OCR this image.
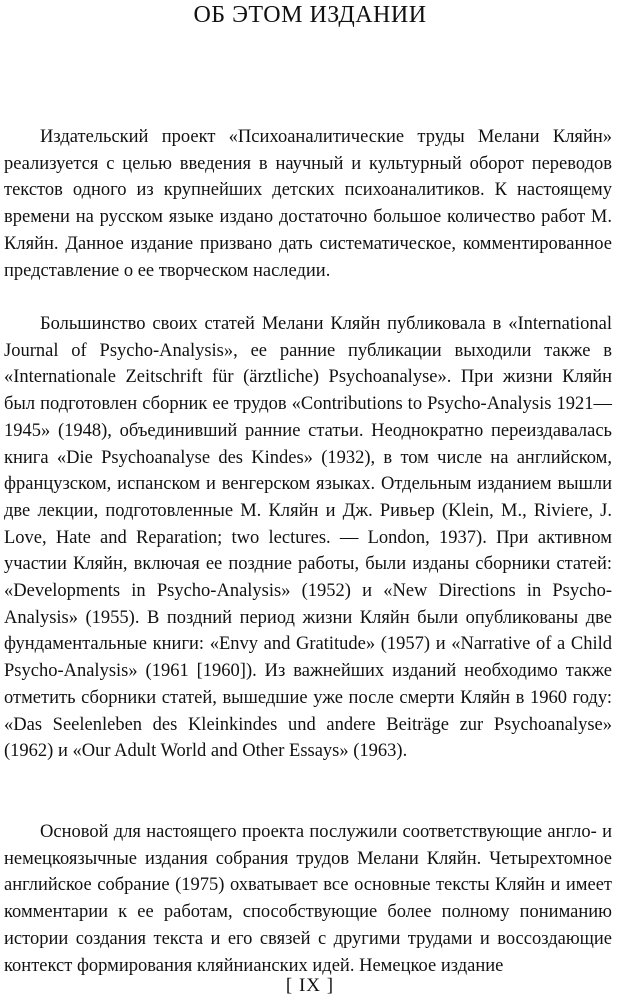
ОБ ЭТОМ ИЗДАНИИ

Издательский проект «Психоаналитические труды Мелани Кляйн» реализуется с целью введения в научный и культурный оборот переводов текстов одного из крупнейших детских психоаналитиков. К настоящему времени на русском языке издано достаточно большое количество работ М. Кляйн. Данное издание призвано дать систематическое, комментированное представление о ее творческом наследии.

Большинство своих статей Мелани Кляйн публиковала в «International Journal of Psycho-Analysis», ее ранние публикации выходили также в «Internationale Zeitschrift für (ärztliche) Psychoanalyse». При жизни Кляйн был подготовлен сборник ее трудов «Contributions to Psycho-Analysis 1921—1945» (1948), объединивший ранние статьи. Неоднократно переиздавалась книга «Die Psychoanalyse des Kindes» (1932), в том числе на английском, французском, испанском и венгерском языках. Отдельным изданием вышли две лекции, подготовленные М. Кляйн и Дж. Ривьер (Klein, M., Riviere, J. Love, Hate and Reparation; two lectures. — London, 1937). При активном участии Кляйн, включая ее поздние работы, были изданы сборники статей: «Developments in Psycho-Analysis» (1952) и «New Directions in Psycho-Analysis» (1955). В поздний период жизни Кляйн были опубликованы две фундаментальные книги: «Envy and Gratitude» (1957) и «Narrative of a Child Psycho-Analysis» (1961 [1960]). Из важнейших изданий необходимо также отметить сборники статей, вышедшие уже после смерти Кляйн в 1960 году: «Das Seelenleben des Kleinkindes und andere Beiträge zur Psychoanalyse» (1962) и «Our Adult World and Other Essays» (1963).

Основой для настоящего проекта послужили соответствующие англо- и немецкоязычные издания собрания трудов Мелани Кляйн. Четырехтомное английское собрание (1975) охватывает все основные тексты Кляйн и имеет комментарии к ее работам, способствующие более полному пониманию истории создания текста и его связей с другими трудами и воссоздающие контекст формирования кляйнианских идей. Немецкое издание

[ IX ]
